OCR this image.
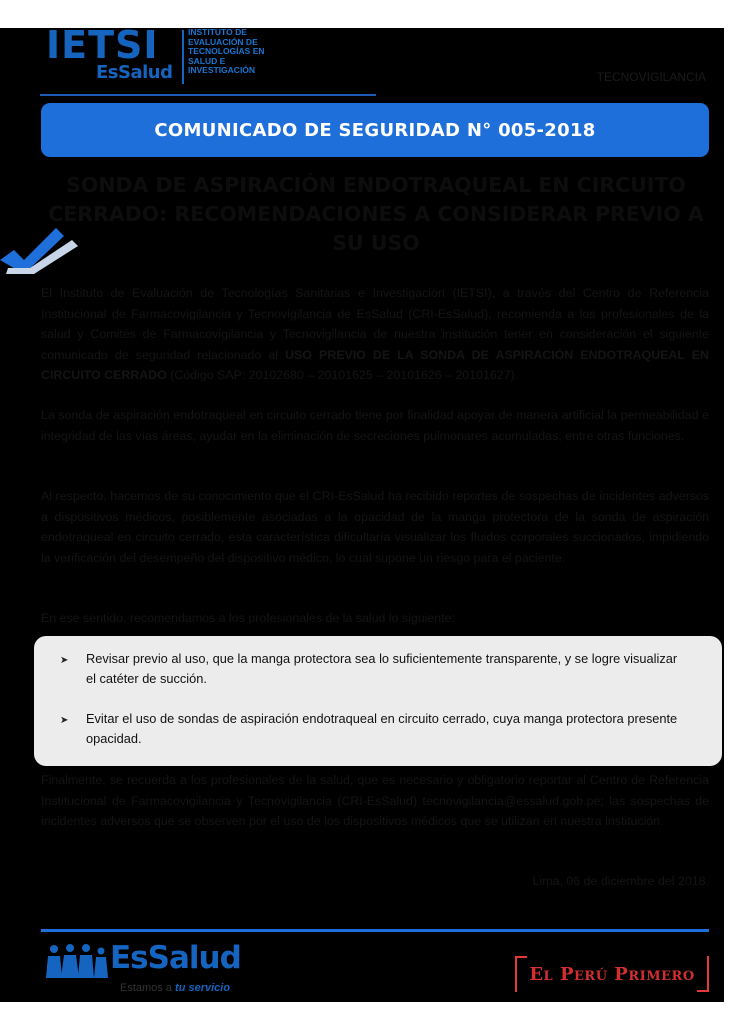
IETSI
EsSalud
INSTITUTO DE
EVALUACIÓN DE
TECNOLOGÍAS EN
SALUD E
INVESTIGACIÓN	TECNOVIGILANCIA
COMUNICADO DE SEGURIDAD N° 005-2018
SONDA DE ASPIRACIÓN ENDOTRAQUEAL EN CIRCUITO CERRADO: RECOMENDACIONES A CONSIDERAR PREVIO A SU USO
El Instituto de Evaluación de Tecnologías Sanitarias e Investigación (IETSI), a través del Centro de Referencia Institucional de Farmacovigilancia y Tecnovigilancia de EsSalud (CRI-EsSalud), recomienda a los profesionales de la salud y Comités de Farmacovigilancia y Tecnovigilancia de nuestra institución tener en consideración el siguiente comunicado de seguridad relacionado al USO PREVIO DE LA SONDA DE ASPIRACIÓN ENDOTRAQUEAL EN CIRCUITO CERRADO (Código SAP: 20102680 – 20101625 – 20101626 – 20101627).
La sonda de aspiración endotraqueal en circuito cerrado tiene por finalidad apoyar de manera artificial la permeabilidad e integridad de las vías áreas, ayudar en la eliminación de secreciones pulmonares acumuladas, entre otras funciones.
Al respecto, hacemos de su conocimiento que el CRI-EsSalud ha recibido reportes de sospechas de incidentes adversos a dispositivos médicos, posiblemente asociadas a la opacidad de la manga protectora de la sonda de aspiración endotraqueal en circuito cerrado, esta característica dificultaría visualizar los fluidos corporales succionados, impidiendo la verificación del desempeño del dispositivo médico, lo cual supone un riesgo para el paciente.
En ese sentido, recomendamos a los profesionales de la salud lo siguiente:
➤	Revisar previo al uso, que la manga protectora sea lo suficientemente transparente, y se logre visualizar el catéter de succión.
➤	Evitar el uso de sondas de aspiración endotraqueal en circuito cerrado, cuya manga protectora presente opacidad.
Finalmente, se recuerda a los profesionales de la salud, que es necesario y obligatorio reportar al Centro de Referencia Institucional de Farmacovigilancia y Tecnovigilancia (CRI-EsSalud) tecnovigilancia@essalud.gob.pe; las sospechas de incidentes adversos que se observen por el uso de los dispositivos médicos que se utilizan en nuestra institución.
Lima, 06 de diciembre del 2018.
EsSalud
Estamos a tu servicio
El Perú Primero
